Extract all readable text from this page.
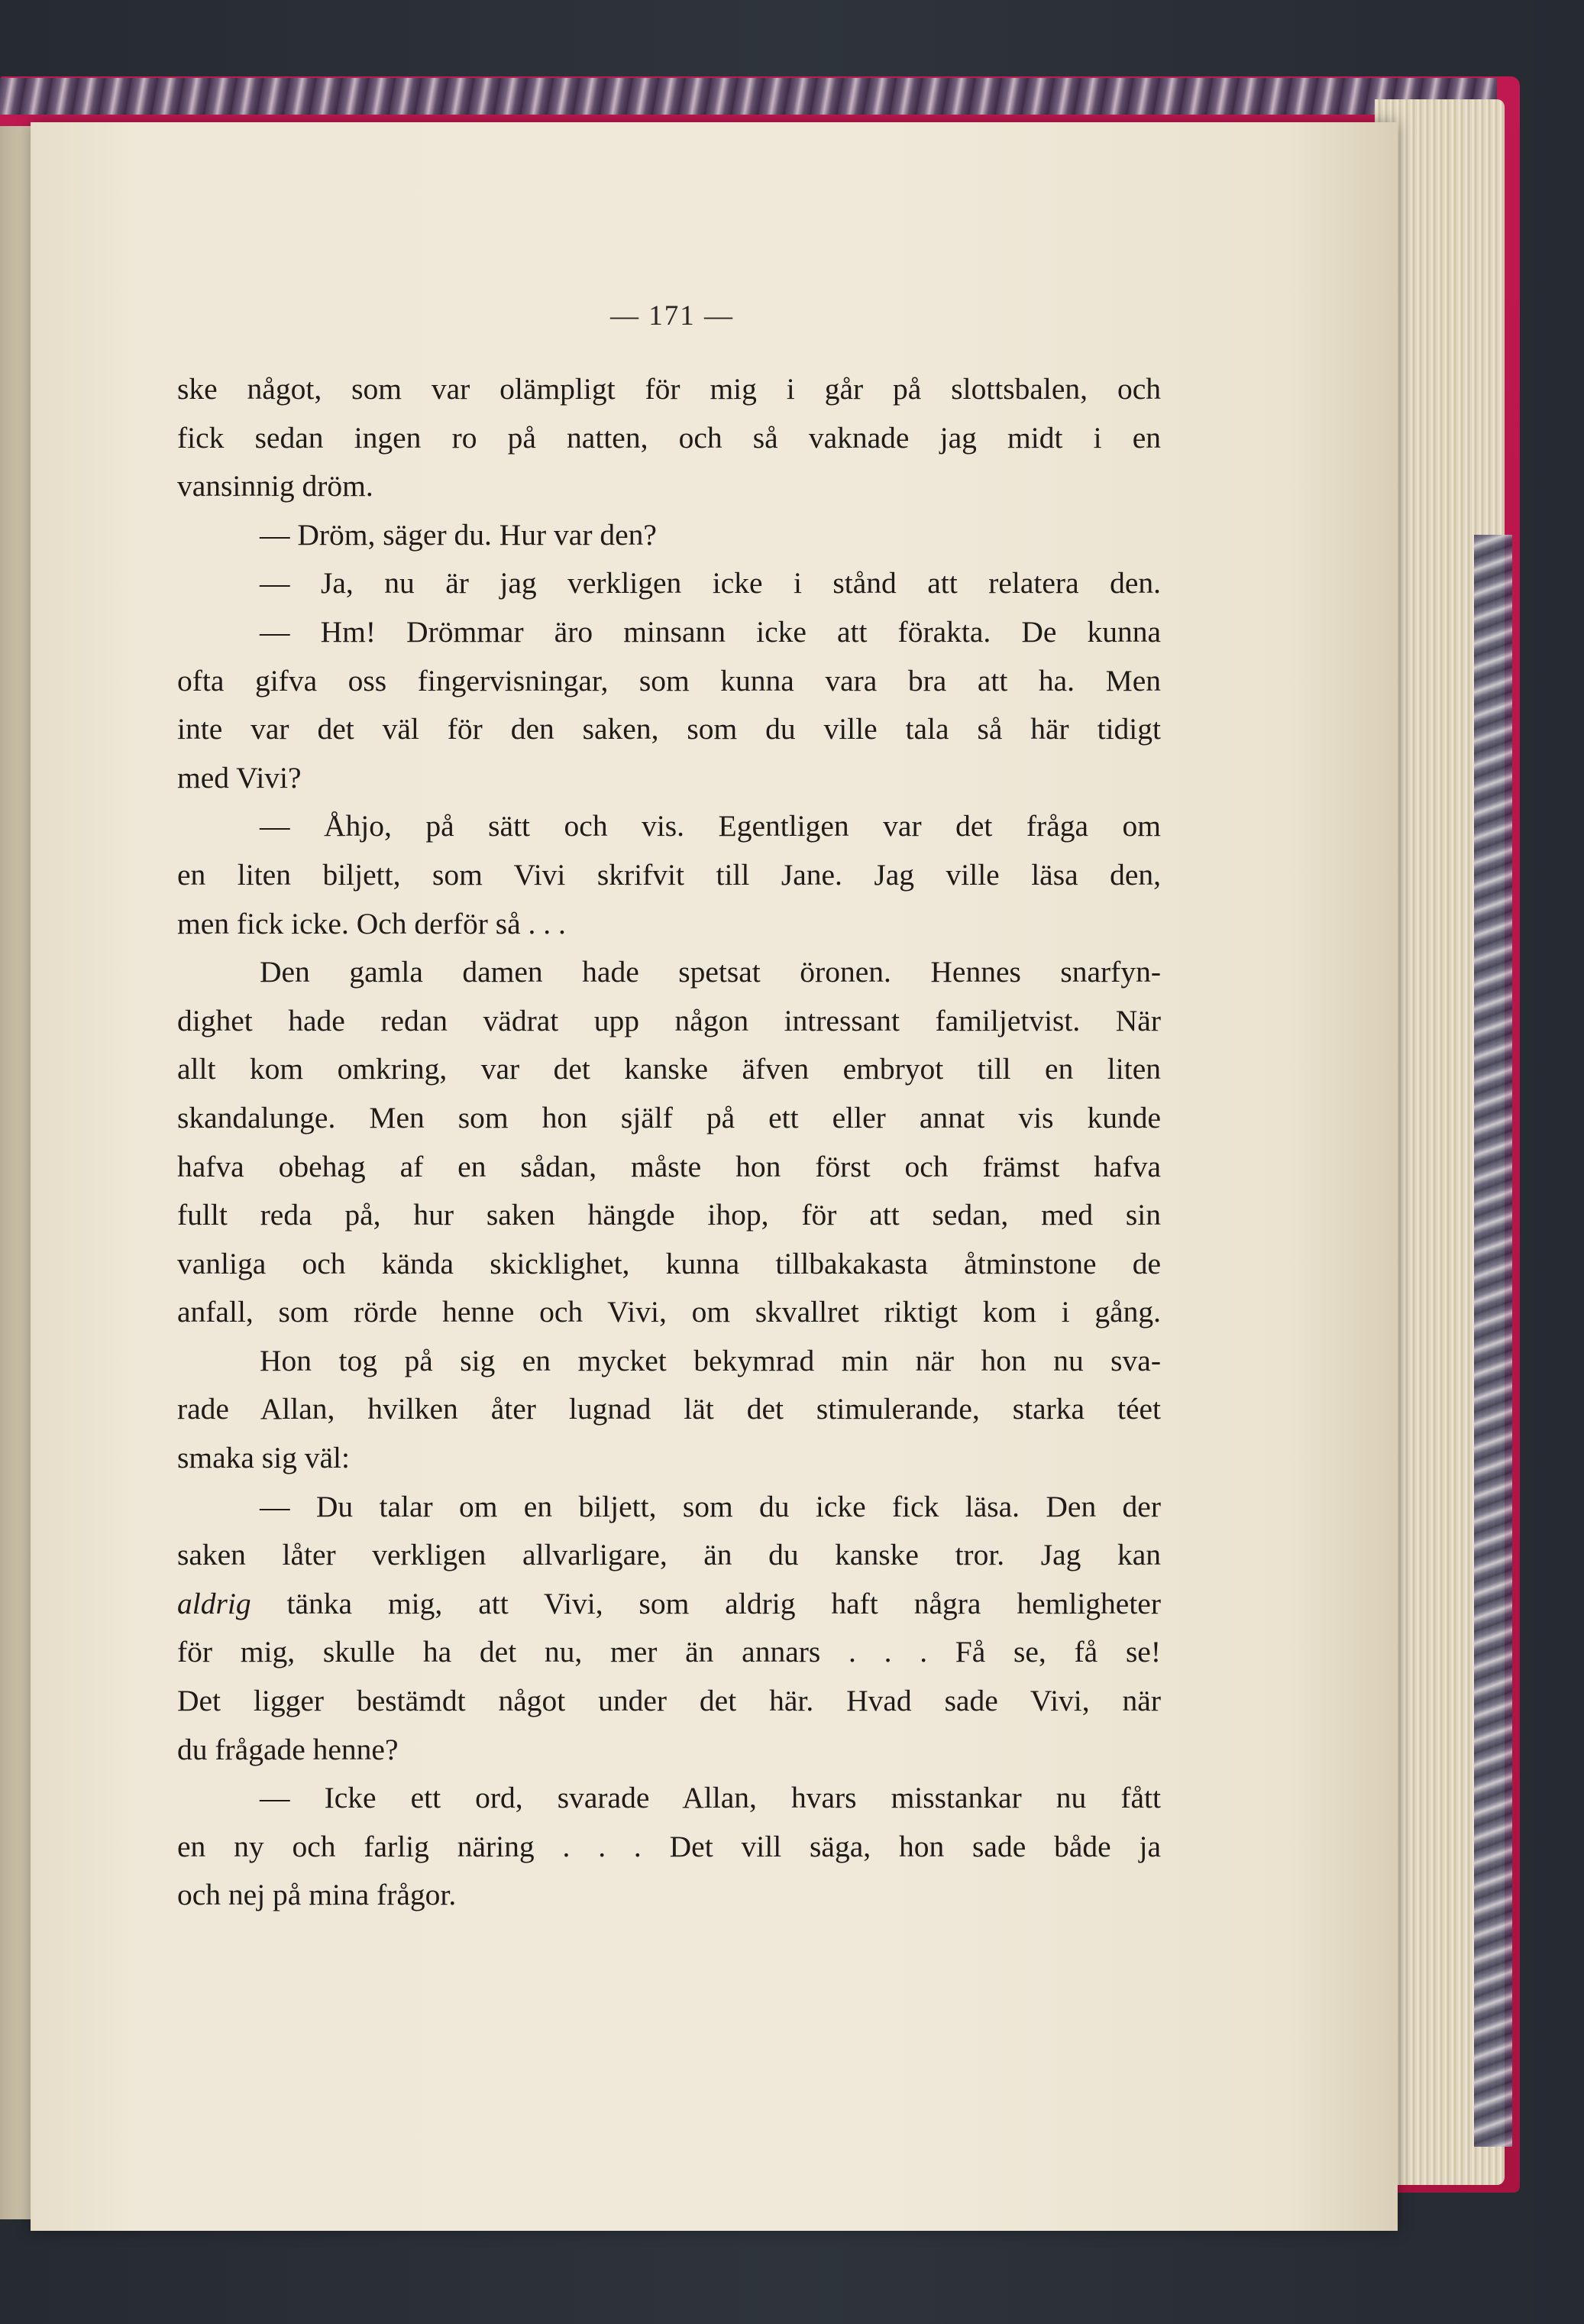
— 171 —
ske något, som var olämpligt för mig i går på slottsbalen, och
fick sedan ingen ro på natten, och så vaknade jag midt i en
vansinnig dröm.
— Dröm, säger du. Hur var den?
— Ja, nu är jag verkligen icke i stånd att relatera den.
— Hm! Drömmar äro minsann icke att förakta. De kunna
ofta gifva oss fingervisningar, som kunna vara bra att ha. Men
inte var det väl för den saken, som du ville tala så här tidigt
med Vivi?
— Åhjo, på sätt och vis. Egentligen var det fråga om
en liten biljett, som Vivi skrifvit till Jane. Jag ville läsa den,
men fick icke. Och derför så . . .
Den gamla damen hade spetsat öronen. Hennes snarfyn-
dighet hade redan vädrat upp någon intressant familjetvist. När
allt kom omkring, var det kanske äfven embryot till en liten
skandalunge. Men som hon själf på ett eller annat vis kunde
hafva obehag af en sådan, måste hon först och främst hafva
fullt reda på, hur saken hängde ihop, för att sedan, med sin
vanliga och kända skicklighet, kunna tillbakakasta åtminstone de
anfall, som rörde henne och Vivi, om skvallret riktigt kom i gång.
Hon tog på sig en mycket bekymrad min när hon nu sva-
rade Allan, hvilken åter lugnad lät det stimulerande, starka téet
smaka sig väl:
— Du talar om en biljett, som du icke fick läsa. Den der
saken låter verkligen allvarligare, än du kanske tror. Jag kan
aldrig tänka mig, att Vivi, som aldrig haft några hemligheter
för mig, skulle ha det nu, mer än annars . . . Få se, få se!
Det ligger bestämdt något under det här. Hvad sade Vivi, när
du frågade henne?
— Icke ett ord, svarade Allan, hvars misstankar nu fått
en ny och farlig näring . . . Det vill säga, hon sade både ja
och nej på mina frågor.
